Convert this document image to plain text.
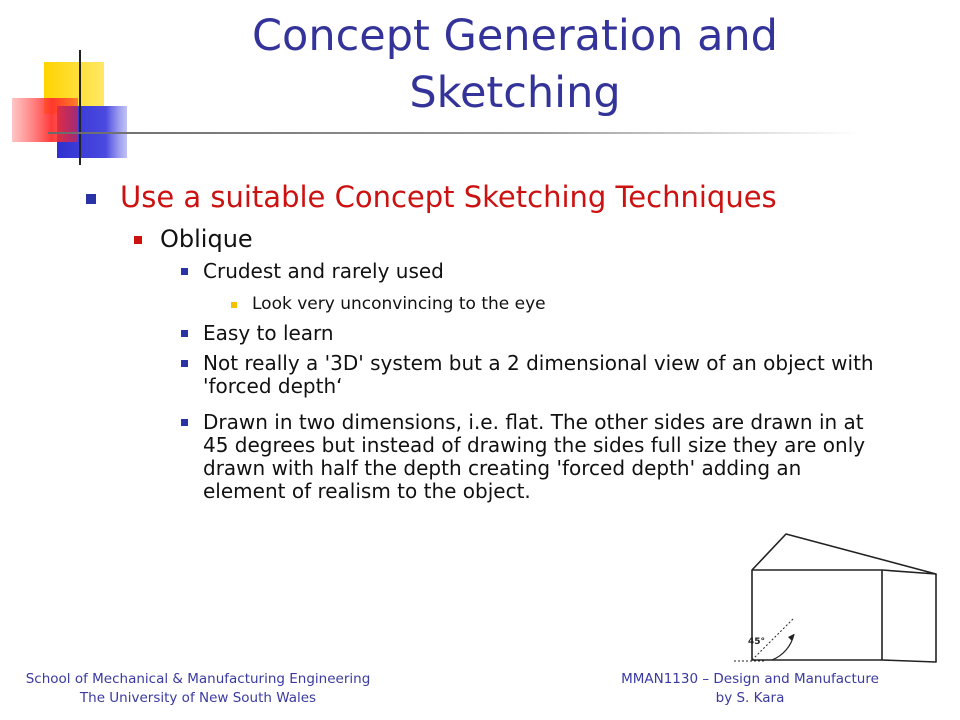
Concept Generation and Sketching
Use a suitable Concept Sketching Techniques
Oblique
Crudest and rarely used
Look very unconvincing to the eye
Easy to learn
Not really a '3D' system but a 2 dimensional view of an object with 'forced depth‘
Drawn in two dimensions, i.e. flat. The other sides are drawn in at 45 degrees but instead of drawing the sides full size they are only drawn with half the depth creating 'forced depth' adding an element of realism to the object.
45°
School of Mechanical & Manufacturing Engineering
The University of New South Wales
MMAN1130 – Design and Manufacture
by S. Kara
